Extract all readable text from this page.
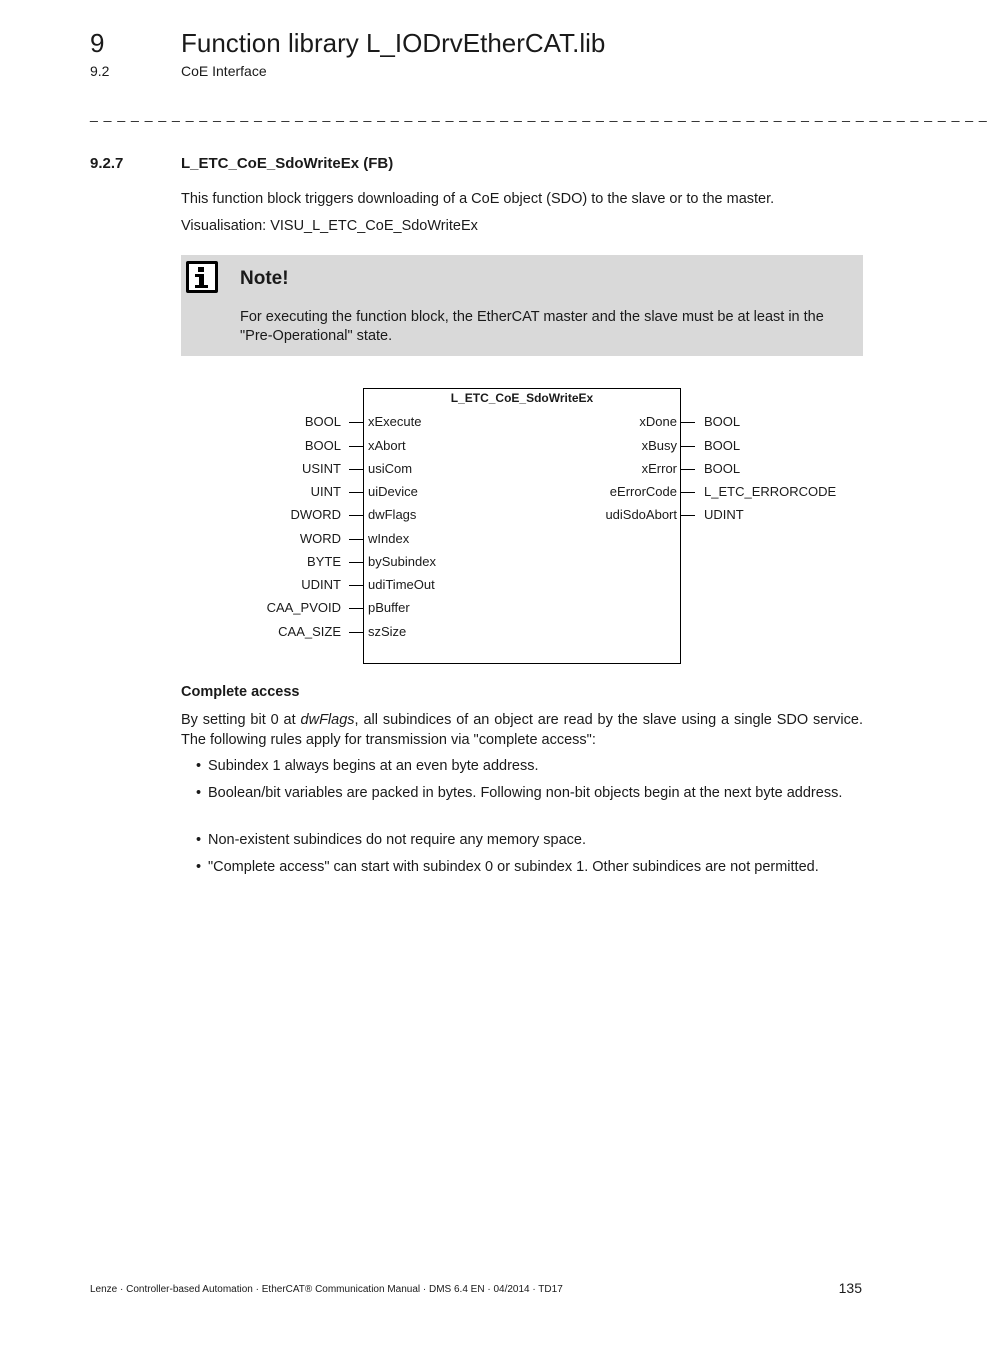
9	Function library L_IODrvEtherCAT.lib
9.2	CoE Interface
_ _ _ _ _ _ _ _ _ _ _ _ _ _ _ _ _ _ _ _ _ _ _ _ _ _ _ _ _ _ _ _ _ _ _ _ _ _ _ _ _ _ _ _ _ _ _ _ _ _ _ _ _ _ _ _ _ _ _ _ _ _ _ _ _ _
9.2.7	L_ETC_CoE_SdoWriteEx (FB)
This function block triggers downloading of a CoE object (SDO) to the slave or to the master.
Visualisation: VISU_L_ETC_CoE_SdoWriteEx
Note!
For executing the function block, the EtherCAT master and the slave must be at least in the "Pre-Operational" state.
L_ETC_CoE_SdoWriteEx
BOOL xExecute
BOOL xAbort
USINT usiCom
UINT uiDevice
DWORD dwFlags
WORD wIndex
BYTE bySubindex
UDINT udiTimeOut
CAA_PVOID pBuffer
CAA_SIZE szSize
xDone BOOL
xBusy BOOL
xError BOOL
eErrorCode L_ETC_ERRORCODE
udiSdoAbort UDINT
Complete access
By setting bit 0 at dwFlags, all subindices of an object are read by the slave using a single SDO service. The following rules apply for transmission via "complete access":
• Subindex 1 always begins at an even byte address.
• Boolean/bit variables are packed in bytes. Following non-bit objects begin at the next byte address.
• Non-existent subindices do not require any memory space.
• "Complete access" can start with subindex 0 or subindex 1. Other subindices are not permitted.
Lenze · Controller-based Automation · EtherCAT® Communication Manual · DMS 6.4 EN · 04/2014 · TD17	135
